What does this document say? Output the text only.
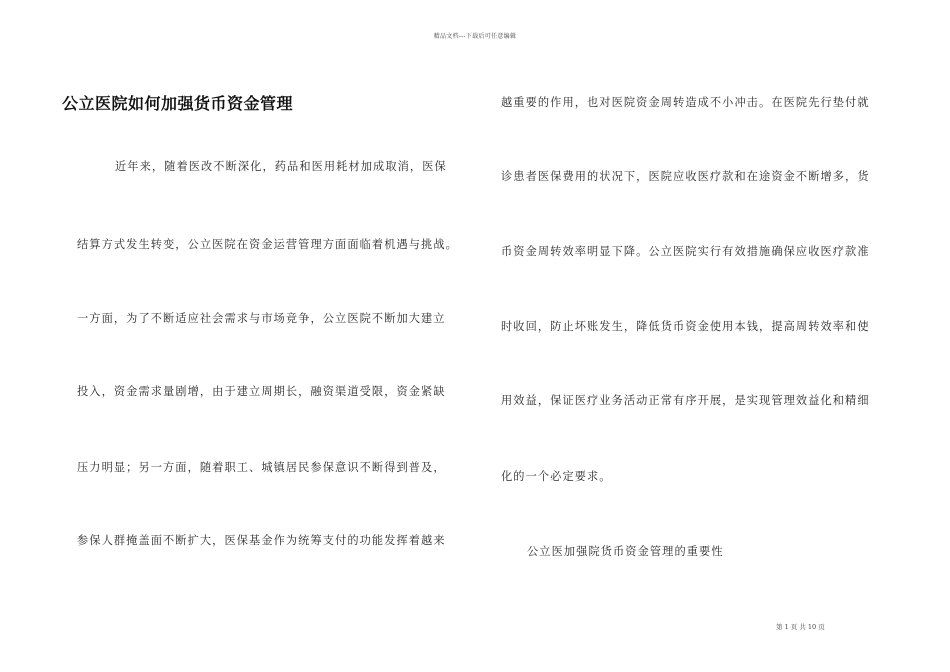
精品文档---下载后可任意编辑
公立医院如何加强货币资金管理
近年来，随着医改不断深化，药品和医用耗材加成取消，医保
结算方式发生转变，公立医院在资金运营管理方面面临着机遇与挑战。
一方面，为了不断适应社会需求与市场竞争，公立医院不断加大建立
投入，资金需求量剧增，由于建立周期长，融资渠道受限，资金紧缺
压力明显；另一方面，随着职工、城镇居民参保意识不断得到普及，
参保人群掩盖面不断扩大，医保基金作为统筹支付的功能发挥着越来
越重要的作用，也对医院资金周转造成不小冲击。在医院先行垫付就
诊患者医保费用的状况下，医院应收医疗款和在途资金不断增多，货
币资金周转效率明显下降。公立医院实行有效措施确保应收医疗款准
时收回，防止坏账发生，降低货币资金使用本钱，提高周转效率和使
用效益，保证医疗业务活动正常有序开展，是实现管理效益化和精细
化的一个必定要求。
公立医加强院货币资金管理的重要性
第 1 页 共 10 页
